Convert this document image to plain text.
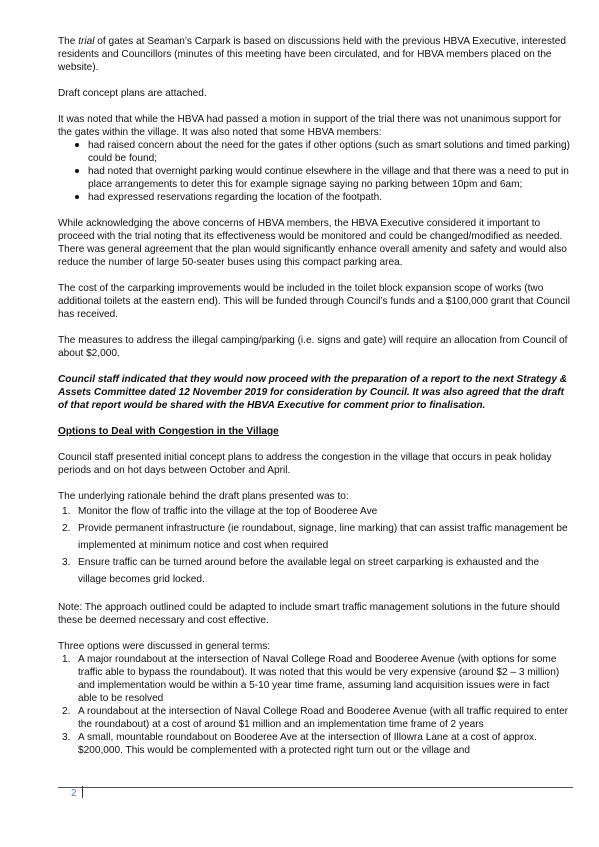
The trial of gates at Seaman’s Carpark is based on discussions held with the previous HBVA Executive, interested residents and Councillors (minutes of this meeting have been circulated, and for HBVA members placed on the website).

Draft concept plans are attached.

It was noted that while the HBVA had passed a motion in support of the trial there was not unanimous support for the gates within the village. It was also noted that some HBVA members:

had raised concern about the need for the gates if other options (such as smart solutions and timed parking) could be found;
had noted that overnight parking would continue elsewhere in the village and that there was a need to put in place arrangements to deter this for example signage saying no parking between 10pm and 6am;
had expressed reservations regarding the location of the footpath.

While acknowledging the above concerns of HBVA members, the HBVA Executive considered it important to proceed with the trial noting that its effectiveness would be monitored and could be changed/modified as needed. There was general agreement that the plan would significantly enhance overall amenity and safety and would also reduce the number of large 50-seater buses using this compact parking area.

The cost of the carparking improvements would be included in the toilet block expansion scope of works (two additional toilets at the eastern end). This will be funded through Council’s funds and a $100,000 grant that Council has received.

The measures to address the illegal camping/parking (i.e. signs and gate) will require an allocation from Council of about $2,000.

Council staff indicated that they would now proceed with the preparation of a report to the next Strategy & Assets Committee dated 12 November 2019 for consideration by Council. It was also agreed that the draft of that report would be shared with the HBVA Executive for comment prior to finalisation.

Options to Deal with Congestion in the Village

Council staff presented initial concept plans to address the congestion in the village that occurs in peak holiday periods and on hot days between October and April.

The underlying rationale behind the draft plans presented was to:

1. Monitor the flow of traffic into the village at the top of Booderee Ave
2. Provide permanent infrastructure (ie roundabout, signage, line marking) that can assist traffic management be implemented at minimum notice and cost when required
3. Ensure traffic can be turned around before the available legal on street carparking is exhausted and the village becomes grid locked.

Note: The approach outlined could be adapted to include smart traffic management solutions in the future should these be deemed necessary and cost effective.

Three options were discussed in general terms:

1. A major roundabout at the intersection of Naval College Road and Booderee Avenue (with options for some traffic able to bypass the roundabout). It was noted that this would be very expensive (around $2 – 3 million) and implementation would be within a 5-10 year time frame, assuming land acquisition issues were in fact able to be resolved
2. A roundabout at the intersection of Naval College Road and Booderee Avenue (with all traffic required to enter the roundabout) at a cost of around $1 million and an implementation time frame of 2 years
3. A small, mountable roundabout on Booderee Ave at the intersection of Illowra Lane at a cost of approx. $200,000. This would be complemented with a protected right turn out or the village and
2
